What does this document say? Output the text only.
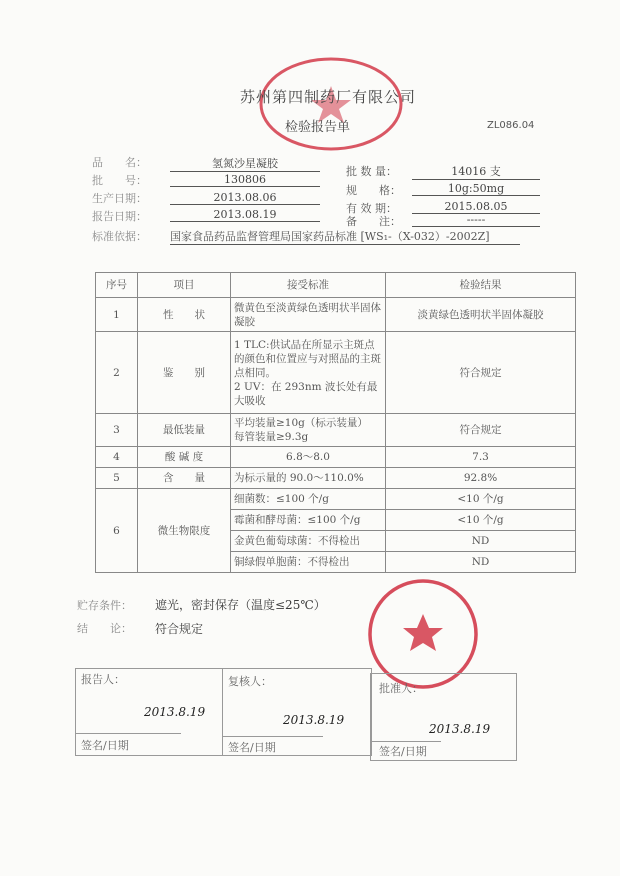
苏州第四制药厂有限公司
检验报告单	ZL086.04
品　　名：	氢氮沙星凝胶
批　　号：	130806
生产日期：	2013.08.06
报告日期：	2013.08.19
标准依据： 国家食品药品监督管理局国家药品标准 [WS₁-（X-032）-2002Z]
批 数 量：	14016 支
规　　格：	10g:50mg
有 效 期：	2015.08.05
备　　注：	-----
序号	项目	接受标准	检验结果
1	性　　状	微黄色至淡黄绿色透明状半固体凝胶	淡黄绿色透明状半固体凝胶
2	鉴　　别	1 TLC:供试品在所显示主斑点的颜色和位置应与对照品的主斑点相同。
2 UV：在 293nm 波长处有最大吸收	符合规定
3	最低装量	平均装量≥10g（标示装量）
每管装量≥9.3g	符合规定
4	酸 碱 度	6.8～8.0	7.3
5	含　　量	为标示量的 90.0～110.0%	92.8%
6	微生物限度	细菌数：≤100 个/g	<10 个/g
		霉菌和酵母菌：≤100 个/g	<10 个/g
		金黄色葡萄球菌：不得检出	ND
		铜绿假单胞菌：不得检出	ND
贮存条件： 遮光，密封保存（温度≤25℃）
结　　论： 符合规定
报告人：
2013.8.19
签名/日期
复核人：
2013.8.19
签名/日期
批准人：
2013.8.19
签名/日期
